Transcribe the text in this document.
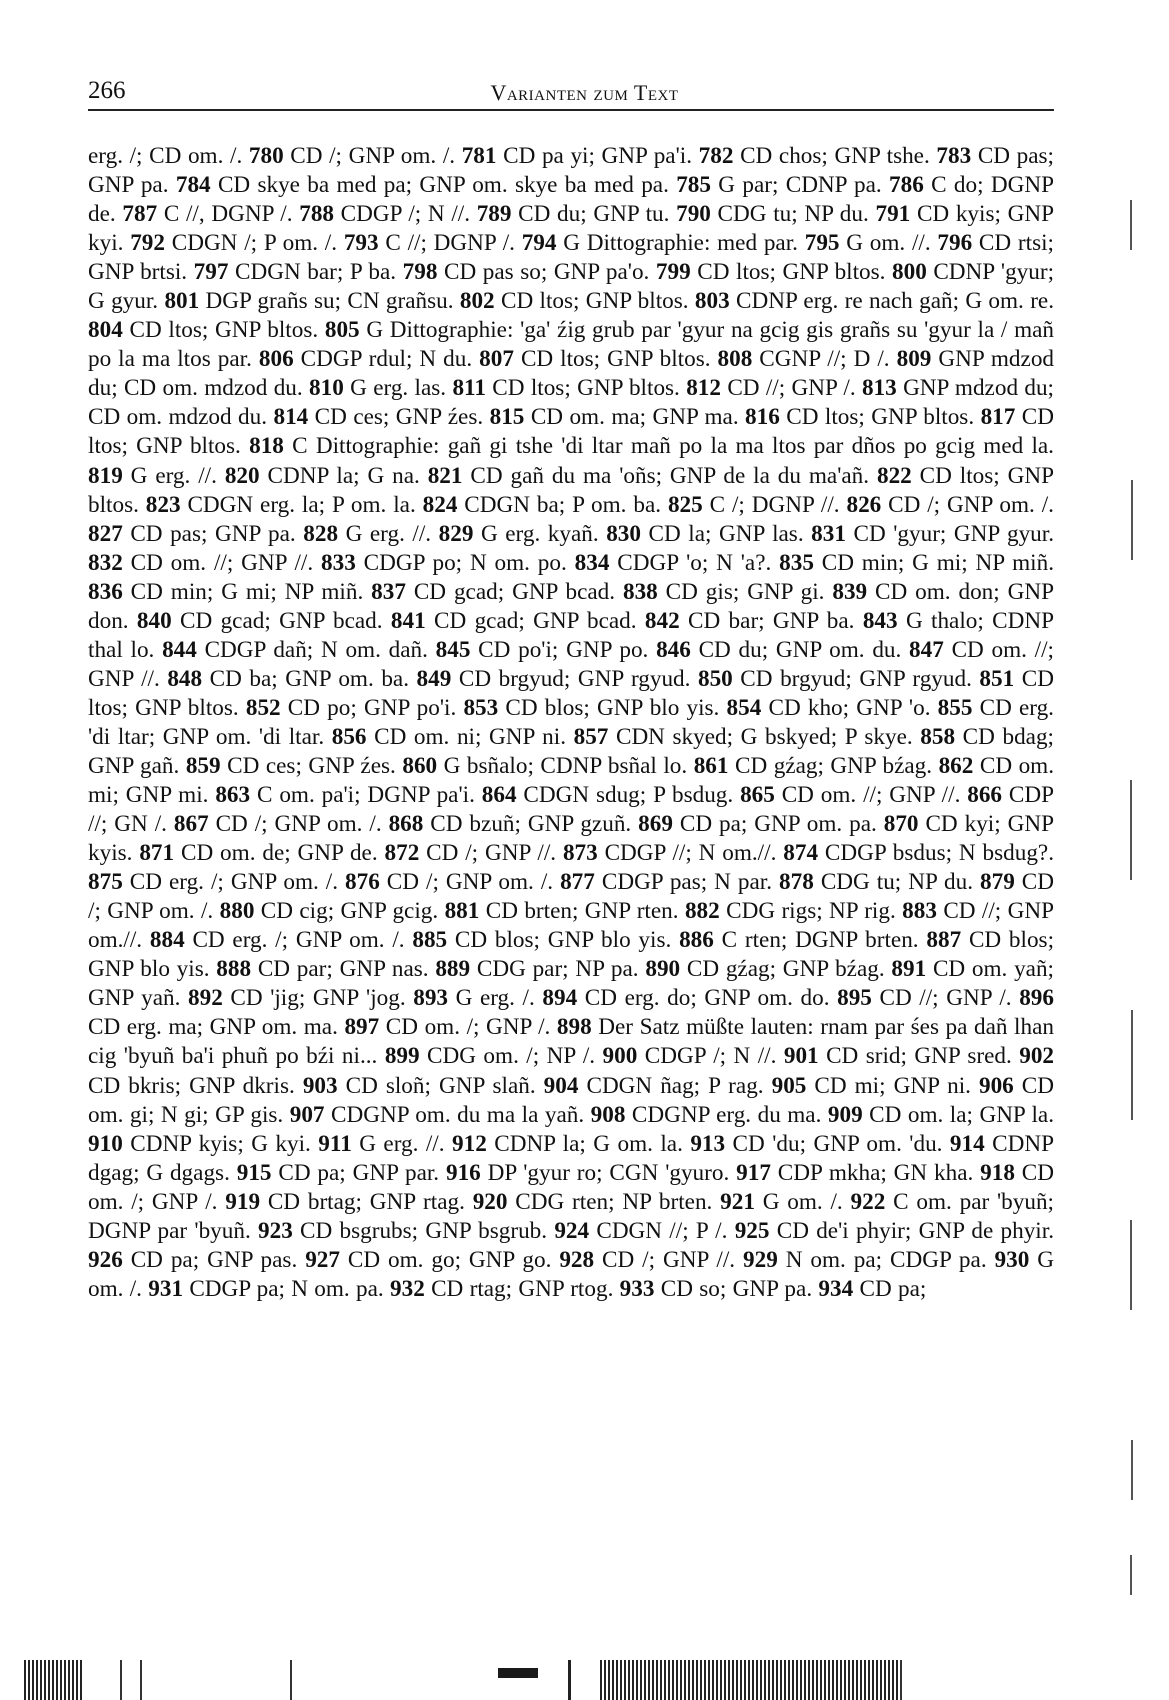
266	Varianten zum Text
erg. /; CD om. /. 780 CD /; GNP om. /. 781 CD pa yi; GNP pa'i. 782 CD chos; GNP tshe. 783 CD pas; GNP pa. 784 CD skye ba med pa; GNP om. skye ba med pa. 785 G par; CDNP pa. 786 C do; DGNP de. 787 C //, DGNP /. 788 CDGP /; N //. 789 CD du; GNP tu. 790 CDG tu; NP du. 791 CD kyis; GNP kyi. 792 CDGN /; P om. /. 793 C //; DGNP /. 794 G Dittographie: med par. 795 G om. //. 796 CD rtsi; GNP brtsi. 797 CDGN bar; P ba. 798 CD pas so; GNP pa'o. 799 CD ltos; GNP bltos. 800 CDNP 'gyur; G gyur. 801 DGP grañs su; CN grañsu. 802 CD ltos; GNP bltos. 803 CDNP erg. re nach gañ; G om. re. 804 CD ltos; GNP bltos. 805 G Dittographie: 'ga' źig grub par 'gyur na gcig gis grañs su 'gyur la / mañ po la ma ltos par. 806 CDGP rdul; N du. 807 CD ltos; GNP bltos. 808 CGNP //; D /. 809 GNP mdzod du; CD om. mdzod du. 810 G erg. las. 811 CD ltos; GNP bltos. 812 CD //; GNP /. 813 GNP mdzod du; CD om. mdzod du. 814 CD ces; GNP źes. 815 CD om. ma; GNP ma. 816 CD ltos; GNP bltos. 817 CD ltos; GNP bltos. 818 C Dittographie: gañ gi tshe 'di ltar mañ po la ma ltos par dños po gcig med la. 819 G erg. //. 820 CDNP la; G na. 821 CD gañ du ma 'oñs; GNP de la du ma'añ. 822 CD ltos; GNP bltos. 823 CDGN erg. la; P om. la. 824 CDGN ba; P om. ba. 825 C /; DGNP //. 826 CD /; GNP om. /. 827 CD pas; GNP pa. 828 G erg. //. 829 G erg. kyañ. 830 CD la; GNP las. 831 CD 'gyur; GNP gyur. 832 CD om. //; GNP //. 833 CDGP po; N om. po. 834 CDGP 'o; N 'a?. 835 CD min; G mi; NP miñ. 836 CD min; G mi; NP miñ. 837 CD gcad; GNP bcad. 838 CD gis; GNP gi. 839 CD om. don; GNP don. 840 CD gcad; GNP bcad. 841 CD gcad; GNP bcad. 842 CD bar; GNP ba. 843 G thalo; CDNP thal lo. 844 CDGP dañ; N om. dañ. 845 CD po'i; GNP po. 846 CD du; GNP om. du. 847 CD om. //; GNP //. 848 CD ba; GNP om. ba. 849 CD brgyud; GNP rgyud. 850 CD brgyud; GNP rgyud. 851 CD ltos; GNP bltos. 852 CD po; GNP po'i. 853 CD blos; GNP blo yis. 854 CD kho; GNP 'o. 855 CD erg. 'di ltar; GNP om. 'di ltar. 856 CD om. ni; GNP ni. 857 CDN skyed; G bskyed; P skye. 858 CD bdag; GNP gañ. 859 CD ces; GNP źes. 860 G bsñalo; CDNP bsñal lo. 861 CD gźag; GNP bźag. 862 CD om. mi; GNP mi. 863 C om. pa'i; DGNP pa'i. 864 CDGN sdug; P bsdug. 865 CD om. //; GNP //. 866 CDP //; GN /. 867 CD /; GNP om. /. 868 CD bzuñ; GNP gzuñ. 869 CD pa; GNP om. pa. 870 CD kyi; GNP kyis. 871 CD om. de; GNP de. 872 CD /; GNP //. 873 CDGP //; N om.//. 874 CDGP bsdus; N bsdug?. 875 CD erg. /; GNP om. /. 876 CD /; GNP om. /. 877 CDGP pas; N par. 878 CDG tu; NP du. 879 CD /; GNP om. /. 880 CD cig; GNP gcig. 881 CD brten; GNP rten. 882 CDG rigs; NP rig. 883 CD //; GNP om.//. 884 CD erg. /; GNP om. /. 885 CD blos; GNP blo yis. 886 C rten; DGNP brten. 887 CD blos; GNP blo yis. 888 CD par; GNP nas. 889 CDG par; NP pa. 890 CD gźag; GNP bźag. 891 CD om. yañ; GNP yañ. 892 CD 'jig; GNP 'jog. 893 G erg. /. 894 CD erg. do; GNP om. do. 895 CD //; GNP /. 896 CD erg. ma; GNP om. ma. 897 CD om. /; GNP /. 898 Der Satz müßte lauten: rnam par śes pa dañ lhan cig 'byuñ ba'i phuñ po bźi ni... 899 CDG om. /; NP /. 900 CDGP /; N //. 901 CD srid; GNP sred. 902 CD bkris; GNP dkris. 903 CD sloñ; GNP slañ. 904 CDGN ñag; P rag. 905 CD mi; GNP ni. 906 CD om. gi; N gi; GP gis. 907 CDGNP om. du ma la yañ. 908 CDGNP erg. du ma. 909 CD om. la; GNP la. 910 CDNP kyis; G kyi. 911 G erg. //. 912 CDNP la; G om. la. 913 CD 'du; GNP om. 'du. 914 CDNP dgag; G dgags. 915 CD pa; GNP par. 916 DP 'gyur ro; CGN 'gyuro. 917 CDP mkha; GN kha. 918 CD om. /; GNP /. 919 CD brtag; GNP rtag. 920 CDG rten; NP brten. 921 G om. /. 922 C om. par 'byuñ; DGNP par 'byuñ. 923 CD bsgrubs; GNP bsgrub. 924 CDGN //; P /. 925 CD de'i phyir; GNP de phyir. 926 CD pa; GNP pas. 927 CD om. go; GNP go. 928 CD /; GNP //. 929 N om. pa; CDGP pa. 930 G om. /. 931 CDGP pa; N om. pa. 932 CD rtag; GNP rtog. 933 CD so; GNP pa. 934 CD pa;
